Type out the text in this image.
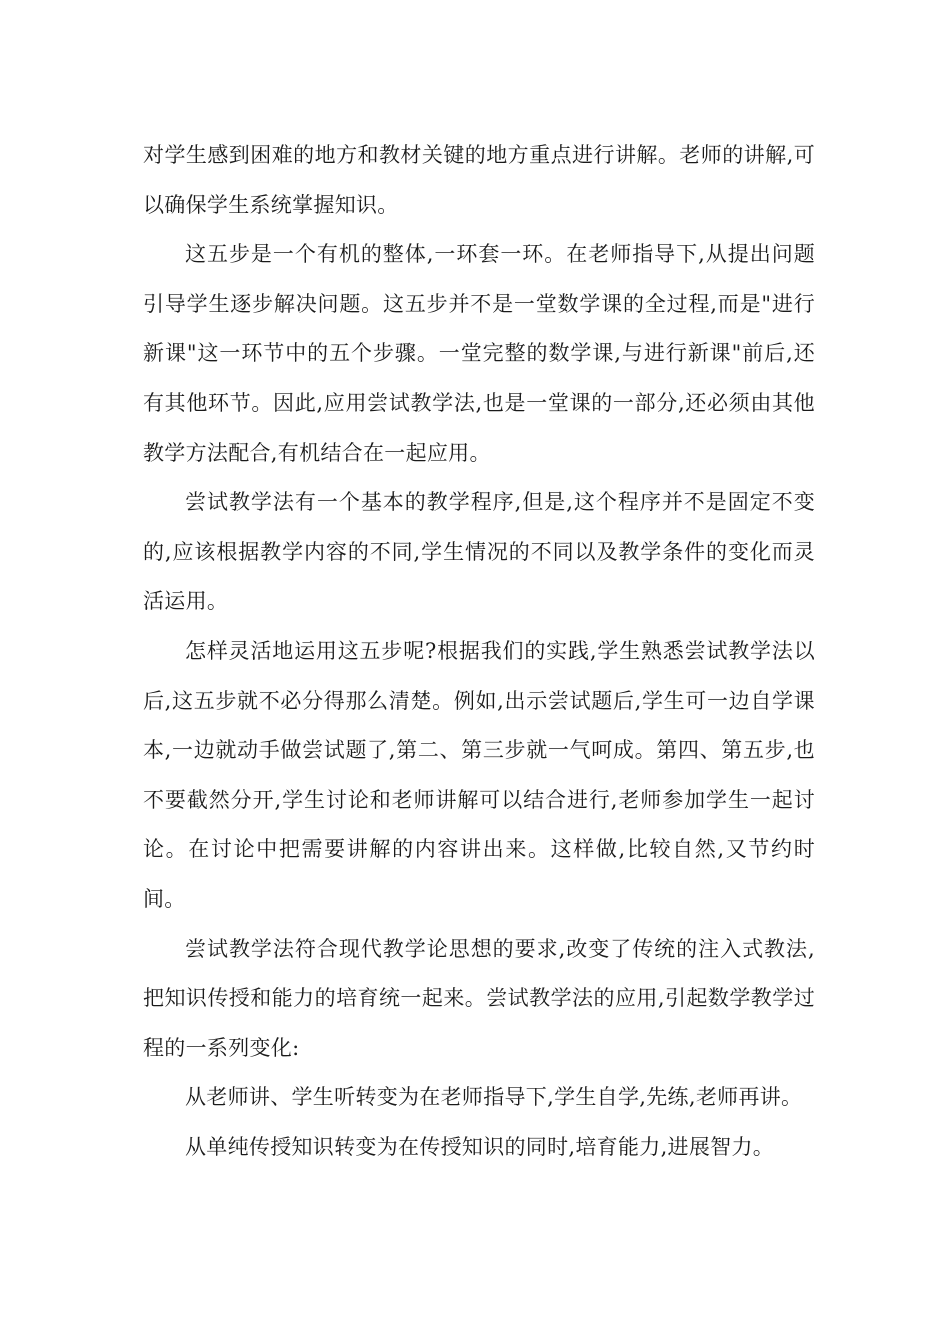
对学生感到困难的地方和教材关键的地方重点进行讲解。老师的讲解,可以确保学生系统掌握知识。

这五步是一个有机的整体,一环套一环。在老师指导下,从提出问题引导学生逐步解决问题。这五步并不是一堂数学课的全过程,而是"进行新课"这一环节中的五个步骤。一堂完整的数学课,与进行新课"前后,还有其他环节。因此,应用尝试教学法,也是一堂课的一部分,还必须由其他教学方法配合,有机结合在一起应用。

尝试教学法有一个基本的教学程序,但是,这个程序并不是固定不变的,应该根据教学内容的不同,学生情况的不同以及教学条件的变化而灵活运用。

怎样灵活地运用这五步呢?根据我们的实践,学生熟悉尝试教学法以后,这五步就不必分得那么清楚。例如,出示尝试题后,学生可一边自学课本,一边就动手做尝试题了,第二、第三步就一气呵成。第四、第五步,也不要截然分开,学生讨论和老师讲解可以结合进行,老师参加学生一起讨论。在讨论中把需要讲解的内容讲出来。这样做,比较自然,又节约时间。

尝试教学法符合现代教学论思想的要求,改变了传统的注入式教法,把知识传授和能力的培育统一起来。尝试教学法的应用,引起数学教学过程的一系列变化:

从老师讲、学生听转变为在老师指导下,学生自学,先练,老师再讲。

从单纯传授知识转变为在传授知识的同时,培育能力,进展智力。
